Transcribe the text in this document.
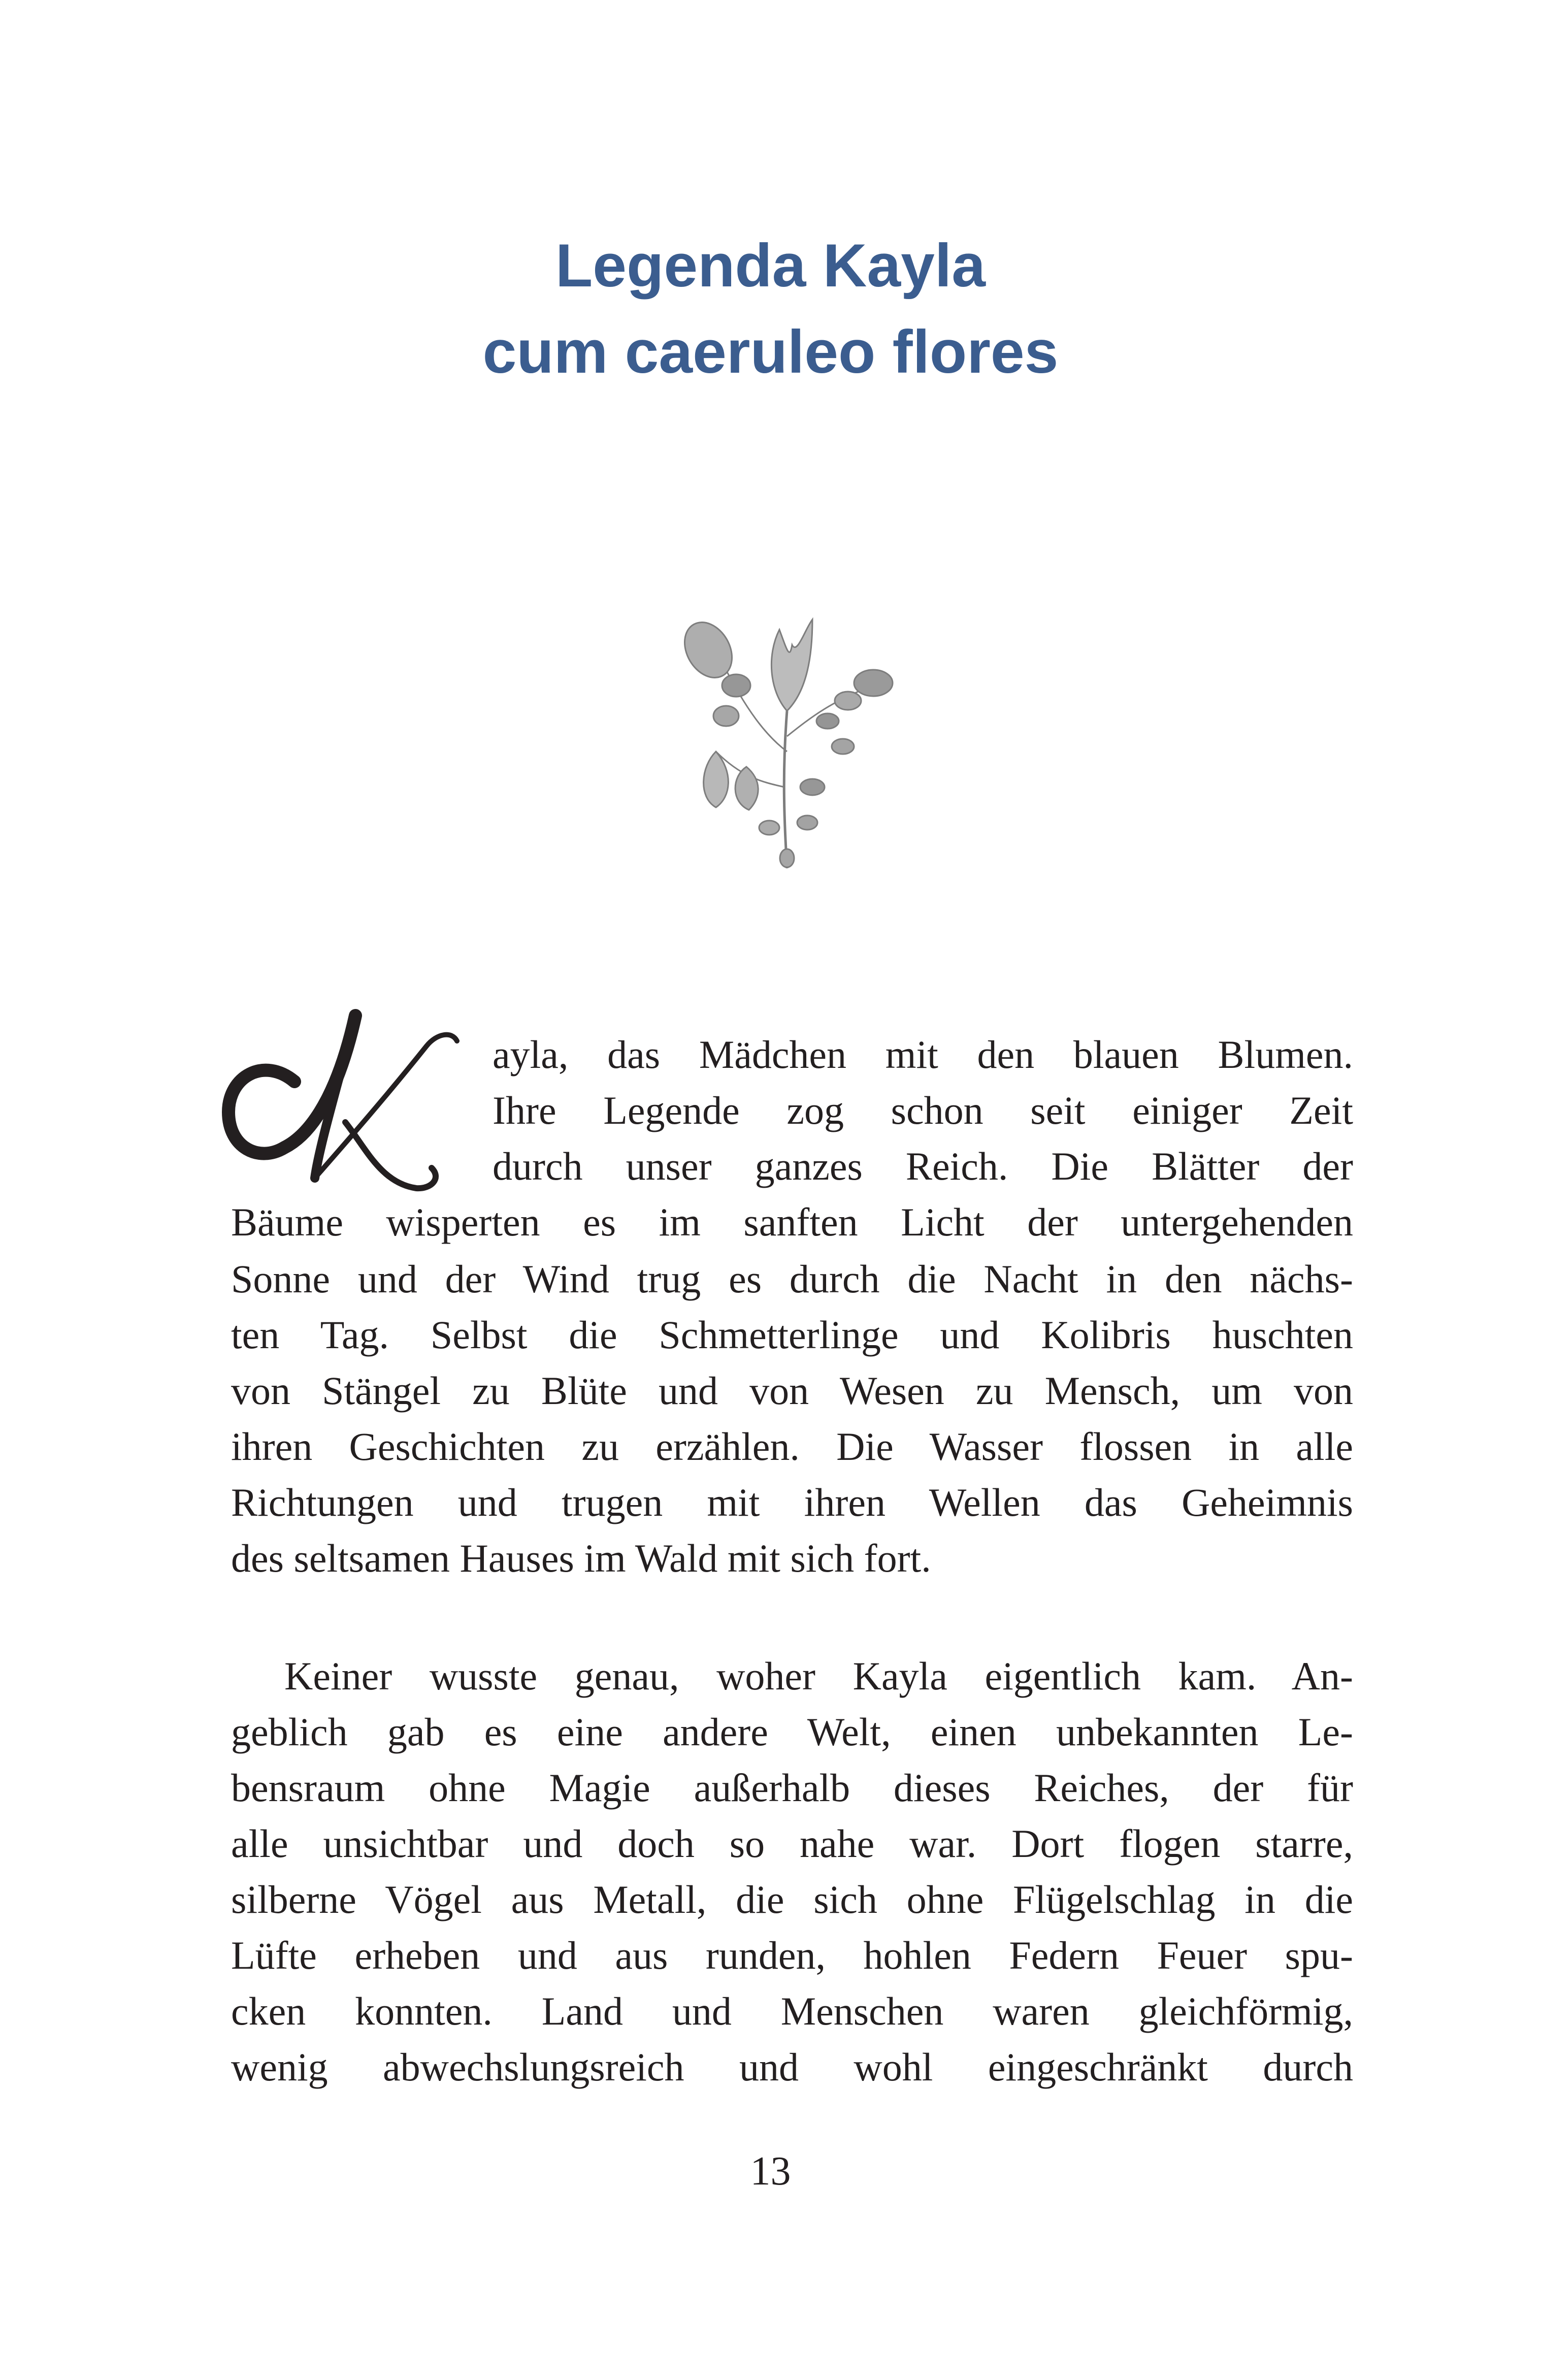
Legenda Kayla
cum caeruleo flores

ayla, das Mädchen mit den blauen Blumen.

Ihre Legende zog schon seit einiger Zeit

durch unser ganzes Reich. Die Blätter der

Bäume wisperten es im sanften Licht der untergehenden

Sonne und der Wind trug es durch die Nacht in den nächs-

ten Tag. Selbst die Schmetterlinge und Kolibris huschten

von Stängel zu Blüte und von Wesen zu Mensch, um von

ihren Geschichten zu erzählen. Die Wasser flossen in alle

Richtungen und trugen mit ihren Wellen das Geheimnis

des seltsamen Hauses im Wald mit sich fort.

Keiner wusste genau, woher Kayla eigentlich kam. An-

geblich gab es eine andere Welt, einen unbekannten Le-

bensraum ohne Magie außerhalb dieses Reiches, der für

alle unsichtbar und doch so nahe war. Dort flogen starre,

silberne Vögel aus Metall, die sich ohne Flügelschlag in die

Lüfte erheben und aus runden, hohlen Federn Feuer spu-

cken konnten. Land und Menschen waren gleichförmig,

wenig abwechslungsreich und wohl eingeschränkt durch

13
